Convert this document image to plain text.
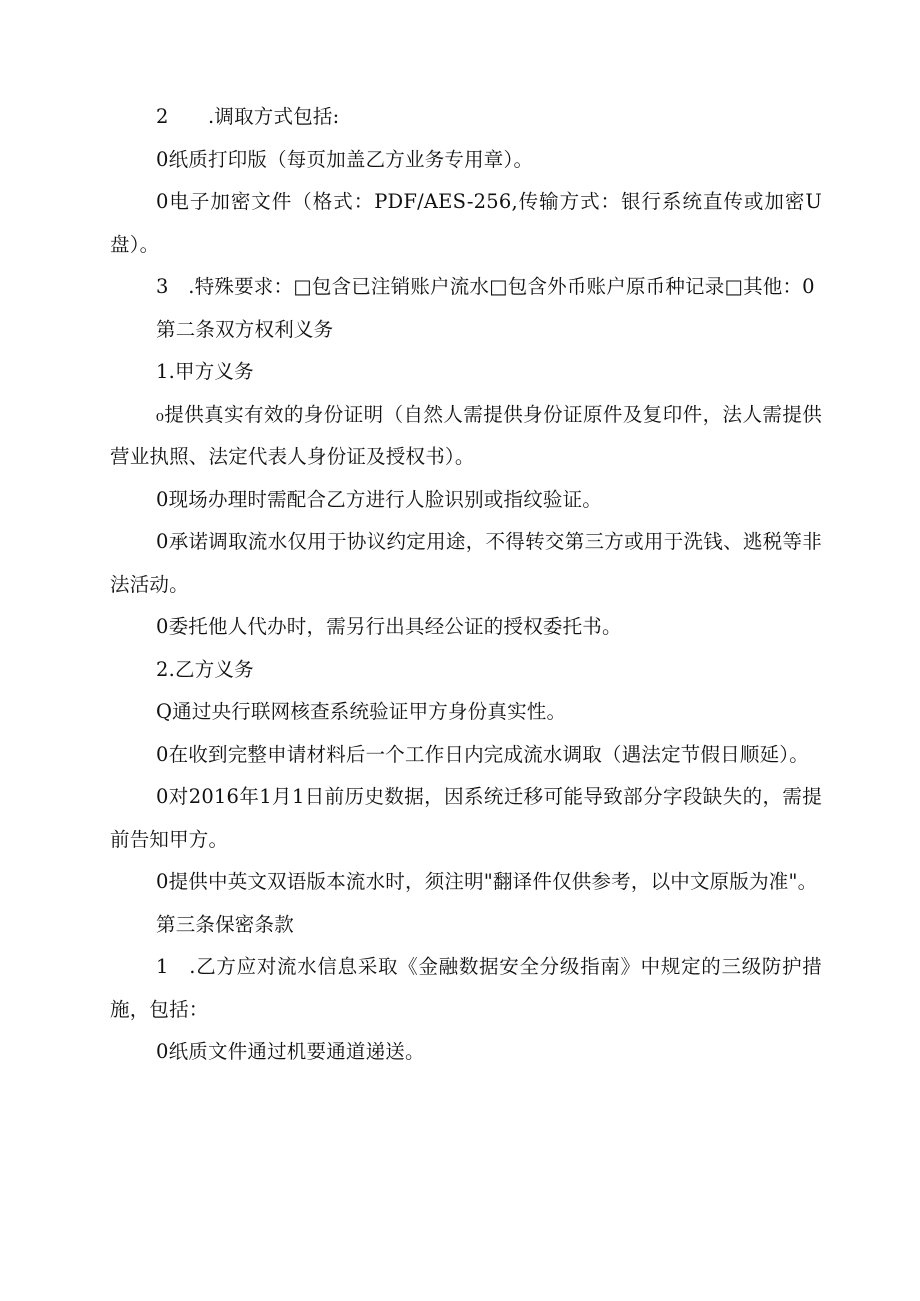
2　　.调取方式包括:

0纸质打印版（每页加盖乙方业务专用章）。

0电子加密文件（格式：PDF/AES-256,传输方式：银行系统直传或加密U盘）。

3　.特殊要求：□包含已注销账户流水□包含外币账户原币种记录□其他：0

第二条双方权利义务

1.甲方义务

₀提供真实有效的身份证明（自然人需提供身份证原件及复印件，法人需提供营业执照、法定代表人身份证及授权书）。

0现场办理时需配合乙方进行人脸识别或指纹验证。

0承诺调取流水仅用于协议约定用途，不得转交第三方或用于洗钱、逃税等非法活动。

0委托他人代办时，需另行出具经公证的授权委托书。

2.乙方义务

Q通过央行联网核查系统验证甲方身份真实性。

0在收到完整申请材料后一个工作日内完成流水调取（遇法定节假日顺延）。

0对2016年1月1日前历史数据，因系统迁移可能导致部分字段缺失的，需提前告知甲方。

0提供中英文双语版本流水时，须注明"翻译件仅供参考，以中文原版为准"。

第三条保密条款

1　.乙方应对流水信息采取《金融数据安全分级指南》中规定的三级防护措施，包括：

0纸质文件通过机要通道递送。
